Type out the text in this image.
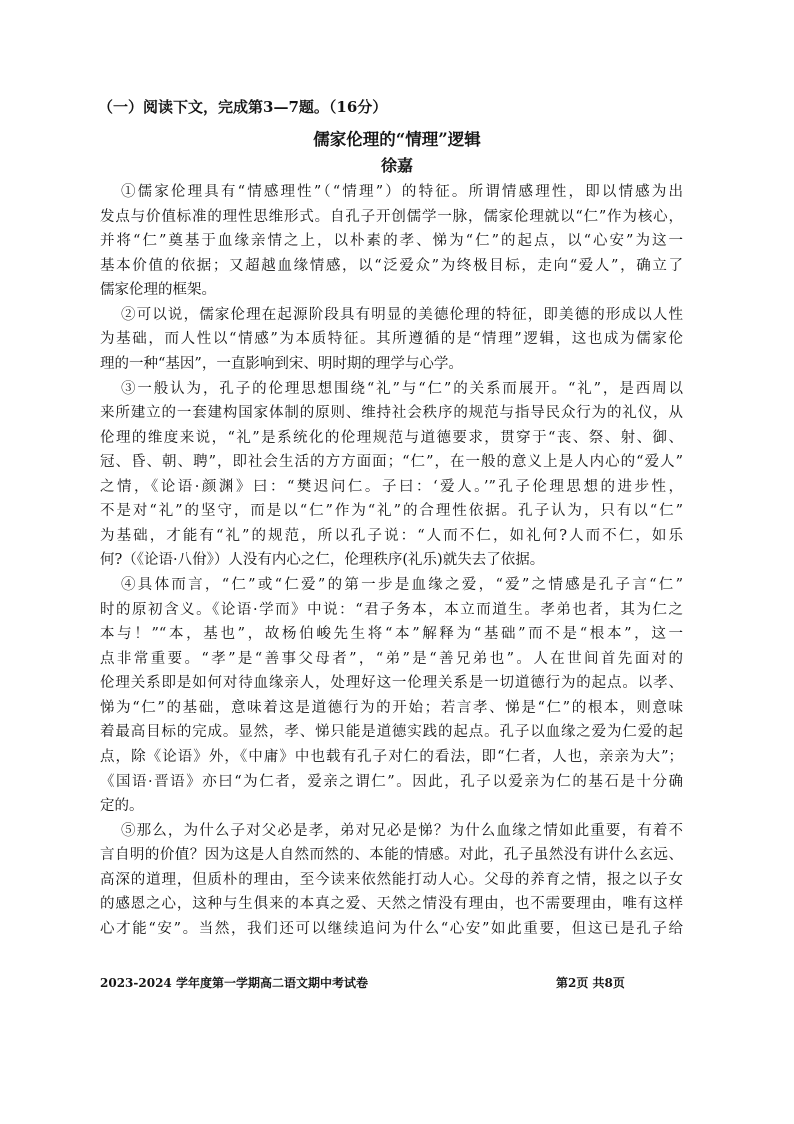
（一）阅读下文，完成第3—7题。（16分）
儒家伦理的“情理”逻辑
徐嘉
①儒家伦理具有“情感理性”（“情理”）的特征。所谓情感理性，即以情感为出
发点与价值标准的理性思维形式。自孔子开创儒学一脉，儒家伦理就以“仁”作为核心，
并将“仁”奠基于血缘亲情之上，以朴素的孝、悌为“仁”的起点，以“心安”为这一
基本价值的依据；又超越血缘情感，以“泛爱众”为终极目标，走向“爱人”，确立了
儒家伦理的框架。
②可以说，儒家伦理在起源阶段具有明显的美德伦理的特征，即美德的形成以人性
为基础，而人性以“情感”为本质特征。其所遵循的是“情理”逻辑，这也成为儒家伦
理的一种“基因”，一直影响到宋、明时期的理学与心学。
③一般认为，孔子的伦理思想围绕“礼”与“仁”的关系而展开。“礼”，是西周以
来所建立的一套建构国家体制的原则、维持社会秩序的规范与指导民众行为的礼仪，从
伦理的维度来说，“礼”是系统化的伦理规范与道德要求，贯穿于“丧、祭、射、御、
冠、昏、朝、聘”，即社会生活的方方面面；“仁”，在一般的意义上是人内心的“爱人”
之情，《论语·颜渊》曰：“樊迟问仁。子曰：‘爱人。’”孔子伦理思想的进步性，
不是对“礼”的坚守，而是以“仁”作为“礼”的合理性依据。孔子认为，只有以“仁”
为基础，才能有“礼”的规范，所以孔子说：“人而不仁，如礼何?人而不仁，如乐
何?（《论语·八佾》）人没有内心之仁，伦理秩序(礼乐)就失去了依据。
④具体而言，“仁”或“仁爱”的第一步是血缘之爱，“爱”之情感是孔子言“仁”
时的原初含义。《论语·学而》中说：“君子务本，本立而道生。孝弟也者，其为仁之
本与！”“本，基也”，故杨伯峻先生将“本”解释为“基础”而不是“根本”，这一
点非常重要。“孝”是“善事父母者”，“弟”是“善兄弟也”。人在世间首先面对的
伦理关系即是如何对待血缘亲人，处理好这一伦理关系是一切道德行为的起点。以孝、
悌为“仁”的基础，意味着这是道德行为的开始；若言孝、悌是“仁”的根本，则意味
着最高目标的完成。显然，孝、悌只能是道德实践的起点。孔子以血缘之爱为仁爱的起
点，除《论语》外，《中庸》中也载有孔子对仁的看法，即“仁者，人也，亲亲为大”；
《国语·晋语》亦曰“为仁者，爱亲之谓仁”。因此，孔子以爱亲为仁的基石是十分确
定的。
⑤那么，为什么子对父必是孝，弟对兄必是悌？为什么血缘之情如此重要，有着不
言自明的价值？因为这是人自然而然的、本能的情感。对此，孔子虽然没有讲什么玄远、
高深的道理，但质朴的理由，至今读来依然能打动人心。父母的养育之情，报之以子女
的感恩之心，这种与生俱来的本真之爱、天然之情没有理由，也不需要理由，唯有这样
心才能“安”。当然，我们还可以继续追问为什么“心安”如此重要，但这已是孔子给
2023-2024 学年度第一学期高二语文期中考试卷	第2页 共8页
